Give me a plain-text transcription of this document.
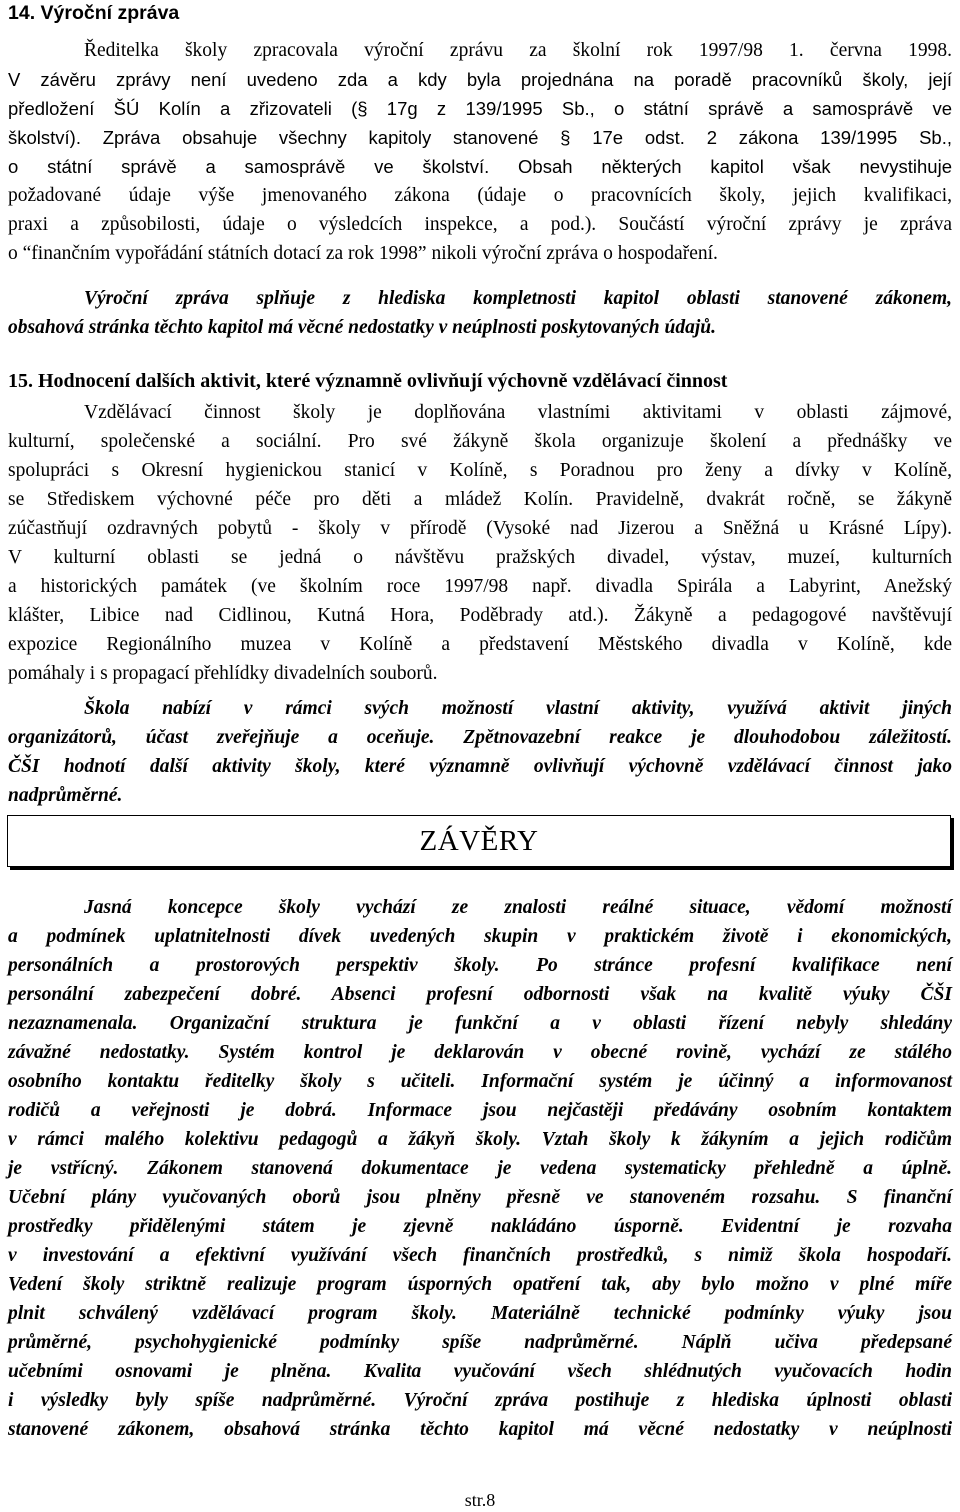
14. Výroční zpráva
Ředitelka školy zpracovala výroční zprávu za školní rok 1997/98 1. června 1998.
V závěru zprávy není uvedeno zda a kdy byla projednána na poradě pracovníků školy, její
předložení ŠÚ Kolín a zřizovateli (§ 17g z 139/1995 Sb., o státní správě a samosprávě ve
školství). Zpráva obsahuje všechny kapitoly stanovené § 17e odst. 2 zákona 139/1995 Sb.,
o státní správě a samosprávě ve školství. Obsah některých kapitol však nevystihuje
požadované údaje výše jmenovaného zákona (údaje o pracovnících školy, jejich kvalifikaci,
praxi a způsobilosti, údaje o výsledcích inspekce, a pod.). Součástí výroční zprávy je zpráva
o “finančním vypořádání státních dotací za rok 1998” nikoli výroční zpráva o hospodaření.
Výroční zpráva splňuje z hlediska kompletnosti kapitol oblasti stanovené zákonem,
obsahová stránka těchto kapitol má věcné nedostatky v neúplnosti poskytovaných údajů.
15. Hodnocení dalších aktivit, které významně ovlivňují výchovně vzdělávací činnost
Vzdělávací činnost školy je doplňována vlastními aktivitami v oblasti zájmové,
kulturní, společenské a sociální. Pro své žákyně škola organizuje školení a přednášky ve
spolupráci s Okresní hygienickou stanicí v Kolíně, s Poradnou pro ženy a dívky v Kolíně,
se Střediskem výchovné péče pro děti a mládež Kolín. Pravidelně, dvakrát ročně, se žákyně
zúčastňují ozdravných pobytů - školy v přírodě (Vysoké nad Jizerou a Sněžná u Krásné Lípy).
V kulturní oblasti se jedná o návštěvu pražských divadel, výstav, muzeí, kulturních
a historických památek (ve školním roce 1997/98 např. divadla Spirála a Labyrint, Anežský
klášter, Libice nad Cidlinou, Kutná Hora, Poděbrady atd.). Žákyně a pedagogové navštěvují
expozice Regionálního muzea v Kolíně a představení Městského divadla v Kolíně, kde
pomáhaly i s propagací přehlídky divadelních souborů.
Škola nabízí v rámci svých možností vlastní aktivity, využívá aktivit jiných
organizátorů, účast zveřejňuje a oceňuje. Zpětnovazební reakce je dlouhodobou záležitostí.
ČŠI hodnotí další aktivity školy, které významně ovlivňují výchovně vzdělávací činnost jako
nadprůměrné.
ZÁVĚRY
Jasná koncepce školy vychází ze znalosti reálné situace, vědomí možností
a podmínek uplatnitelnosti dívek uvedených skupin v praktickém životě i ekonomických,
personálních a prostorových perspektiv školy. Po stránce profesní kvalifikace není
personální zabezpečení dobré. Absenci profesní odbornosti však na kvalitě výuky ČŠI
nezaznamenala. Organizační struktura je funkční a v oblasti řízení nebyly shledány
závažné nedostatky. Systém kontrol je deklarován v obecné rovině, vychází ze stálého
osobního kontaktu ředitelky školy s učiteli. Informační systém je účinný a informovanost
rodičů a veřejnosti je dobrá. Informace jsou nejčastěji předávány osobním kontaktem
v rámci malého kolektivu pedagogů a žákyň školy. Vztah školy k žákyním a jejich rodičům
je vstřícný. Zákonem stanovená dokumentace je vedena systematicky přehledně a úplně.
Učební plány vyučovaných oborů jsou plněny přesně ve stanoveném rozsahu. S finanční
prostředky přidělenými státem je zjevně nakládáno úsporně. Evidentní je rozvaha
v investování a efektivní využívání všech finančních prostředků, s nimiž škola hospodaří.
Vedení školy striktně realizuje program úsporných opatření tak, aby bylo možno v plné míře
plnit schválený vzdělávací program školy. Materiálně technické podmínky výuky jsou
průměrné, psychohygienické podmínky spíše nadprůměrné. Náplň učiva předepsané
učebními osnovami je plněna. Kvalita vyučování všech shlédnutých vyučovacích hodin
i výsledky byly spíše nadprůměrné. Výroční zpráva postihuje z hlediska úplnosti oblasti
stanovené zákonem, obsahová stránka těchto kapitol má věcné nedostatky v neúplnosti
str.8
